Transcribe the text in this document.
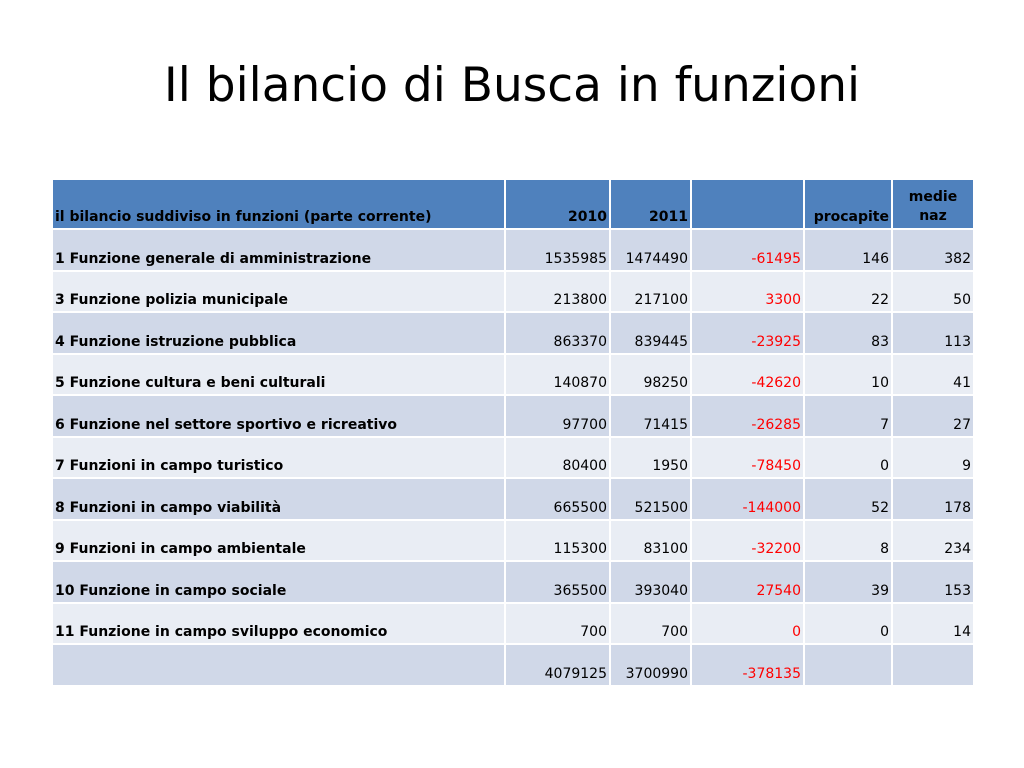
Il bilancio di Busca in funzioni
il bilancio suddiviso in funzioni (parte corrente)	2010	2011		procapite	medie naz
1 Funzione generale di amministrazione	1535985	1474490	-61495	146	382
3 Funzione polizia municipale	213800	217100	3300	22	50
4 Funzione istruzione pubblica	863370	839445	-23925	83	113
5 Funzione cultura e beni culturali	140870	98250	-42620	10	41
6 Funzione nel settore sportivo e ricreativo	97700	71415	-26285	7	27
7 Funzioni in campo turistico	80400	1950	-78450	0	9
8 Funzioni in campo viabilità	665500	521500	-144000	52	178
9 Funzioni in campo ambientale	115300	83100	-32200	8	234
10 Funzione in campo sociale	365500	393040	27540	39	153
11 Funzione in campo sviluppo economico	700	700	0	0	14
	4079125	3700990	-378135		
